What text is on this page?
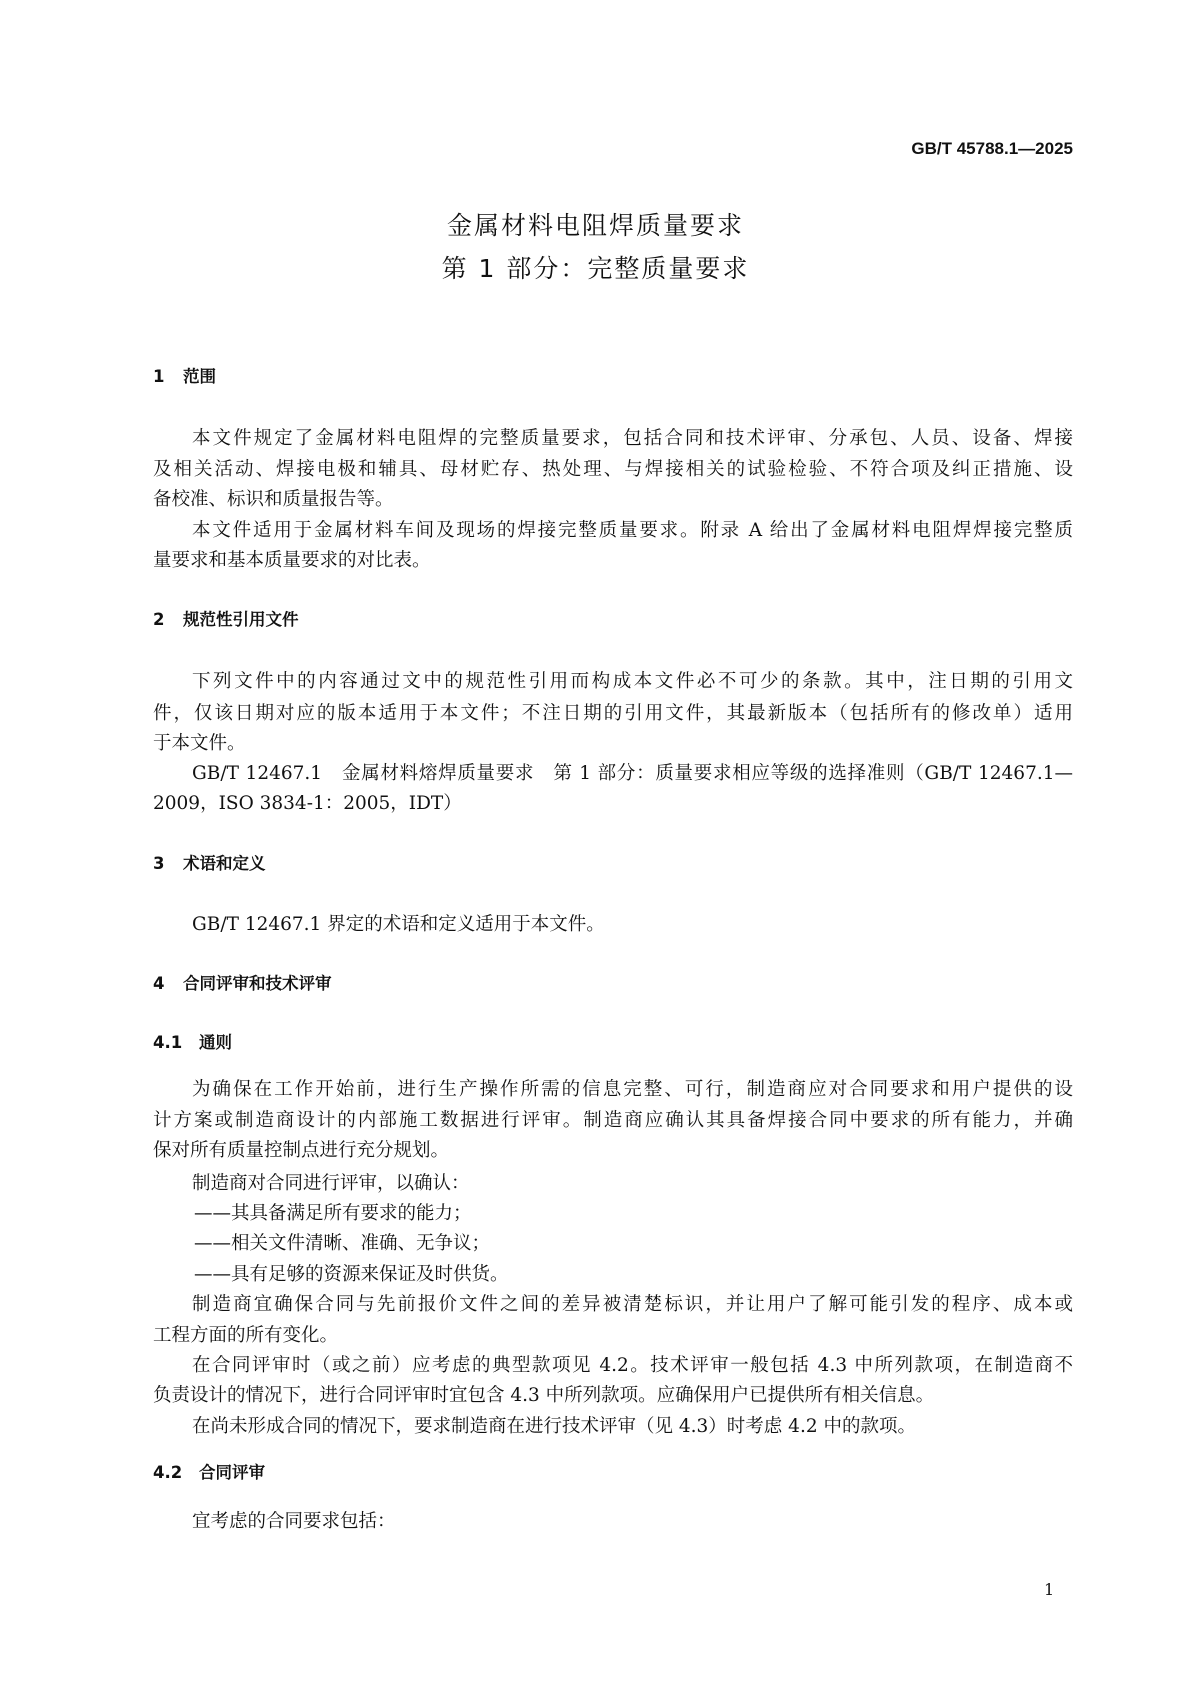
GB/T 45788.1—2025
金属材料电阻焊质量要求
第 1 部分：完整质量要求
1 范围
本文件规定了金属材料电阻焊的完整质量要求，包括合同和技术评审、分承包、人员、设备、焊接
及相关活动、焊接电极和辅具、母材贮存、热处理、与焊接相关的试验检验、不符合项及纠正措施、设
备校准、标识和质量报告等。
本文件适用于金属材料车间及现场的焊接完整质量要求。附录 A 给出了金属材料电阻焊焊接完整质
量要求和基本质量要求的对比表。
2 规范性引用文件
下列文件中的内容通过文中的规范性引用而构成本文件必不可少的条款。其中，注日期的引用文
件，仅该日期对应的版本适用于本文件；不注日期的引用文件，其最新版本（包括所有的修改单）适用
于本文件。
GB/T 12467.1　金属材料熔焊质量要求　第 1 部分：质量要求相应等级的选择准则（GB/T 12467.1—
2009，ISO 3834-1：2005，IDT）
3 术语和定义
GB/T 12467.1 界定的术语和定义适用于本文件。
4 合同评审和技术评审
4.1 通则
为确保在工作开始前，进行生产操作所需的信息完整、可行，制造商应对合同要求和用户提供的设
计方案或制造商设计的内部施工数据进行评审。制造商应确认其具备焊接合同中要求的所有能力，并确
保对所有质量控制点进行充分规划。
制造商对合同进行评审，以确认：
——其具备满足所有要求的能力；
——相关文件清晰、准确、无争议；
——具有足够的资源来保证及时供货。
制造商宜确保合同与先前报价文件之间的差异被清楚标识，并让用户了解可能引发的程序、成本或
工程方面的所有变化。
在合同评审时（或之前）应考虑的典型款项见 4.2。技术评审一般包括 4.3 中所列款项，在制造商不
负责设计的情况下，进行合同评审时宜包含 4.3 中所列款项。应确保用户已提供所有相关信息。
在尚未形成合同的情况下，要求制造商在进行技术评审（见 4.3）时考虑 4.2 中的款项。
4.2 合同评审
宜考虑的合同要求包括：
1
